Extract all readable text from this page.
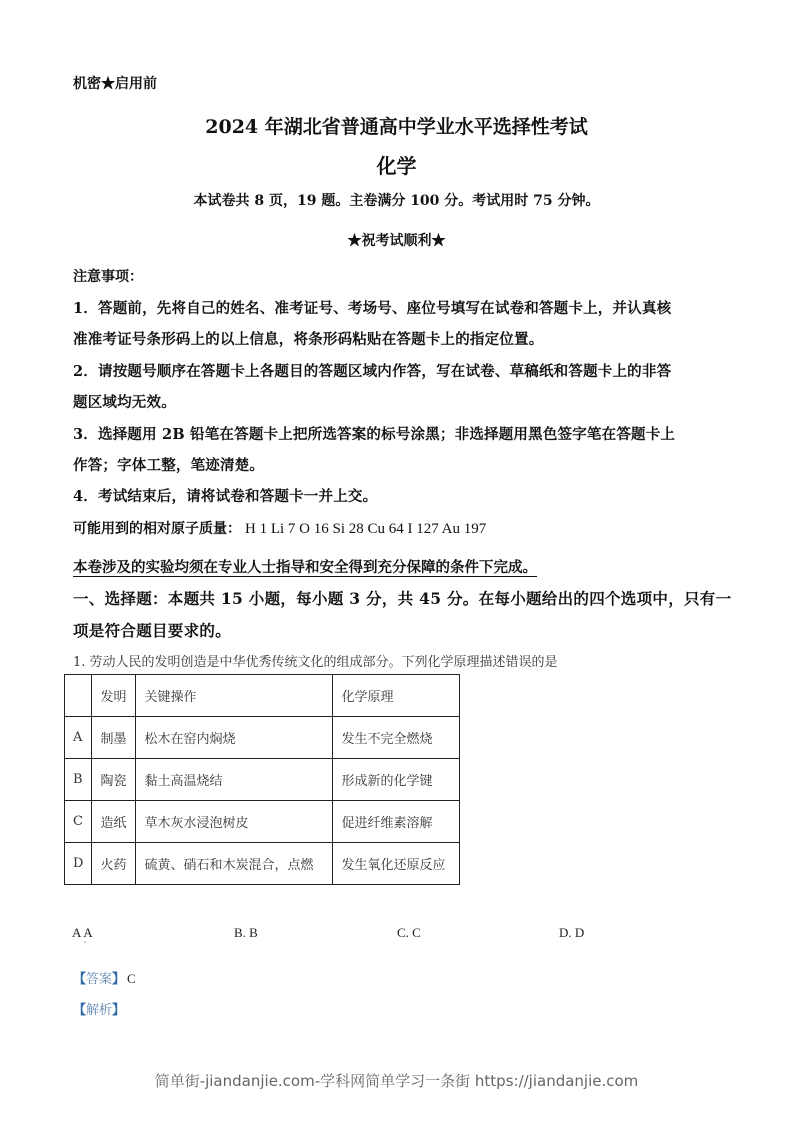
机密★启用前
2024 年湖北省普通高中学业水平选择性考试
化学
本试卷共 8 页，19 题。主卷满分 100 分。考试用时 75 分钟。
★祝考试顺利★
注意事项：
1．答题前，先将自己的姓名、准考证号、考场号、座位号填写在试卷和答题卡上，并认真核
准准考证号条形码上的以上信息，将条形码粘贴在答题卡上的指定位置。
2．请按题号顺序在答题卡上各题目的答题区域内作答，写在试卷、草稿纸和答题卡上的非答
题区域均无效。
3．选择题用 2B 铅笔在答题卡上把所选答案的标号涂黑；非选择题用黑色签字笔在答题卡上
作答；字体工整，笔迹清楚。
4．考试结束后，请将试卷和答题卡一并上交。
可能用到的相对原子质量： H 1 Li 7 O 16 Si 28 Cu 64 I 127 Au 197
本卷涉及的实验均须在专业人士指导和安全得到充分保障的条件下完成。
一、选择题：本题共 15 小题，每小题 3 分，共 45 分。在每小题给出的四个选项中，只有一
项是符合题目要求的。
1. 劳动人民的发明创造是中华优秀传统文化的组成部分。下列化学原理描述错误的是
	发明	关键操作	化学原理
A	制墨	松木在窑内焖烧	发生不完全燃烧
B	陶瓷	黏土高温烧结	形成新的化学键
C	造纸	草木灰水浸泡树皮	促进纤维素溶解
D	火药	硫黄、硝石和木炭混合，点燃	发生氧化还原反应
A A
'
B. B	C. C	D. D
【答案】 C
【解析】
简单街-jiandanjie.com-学科网简单学习一条街 https://jiandanjie.com
